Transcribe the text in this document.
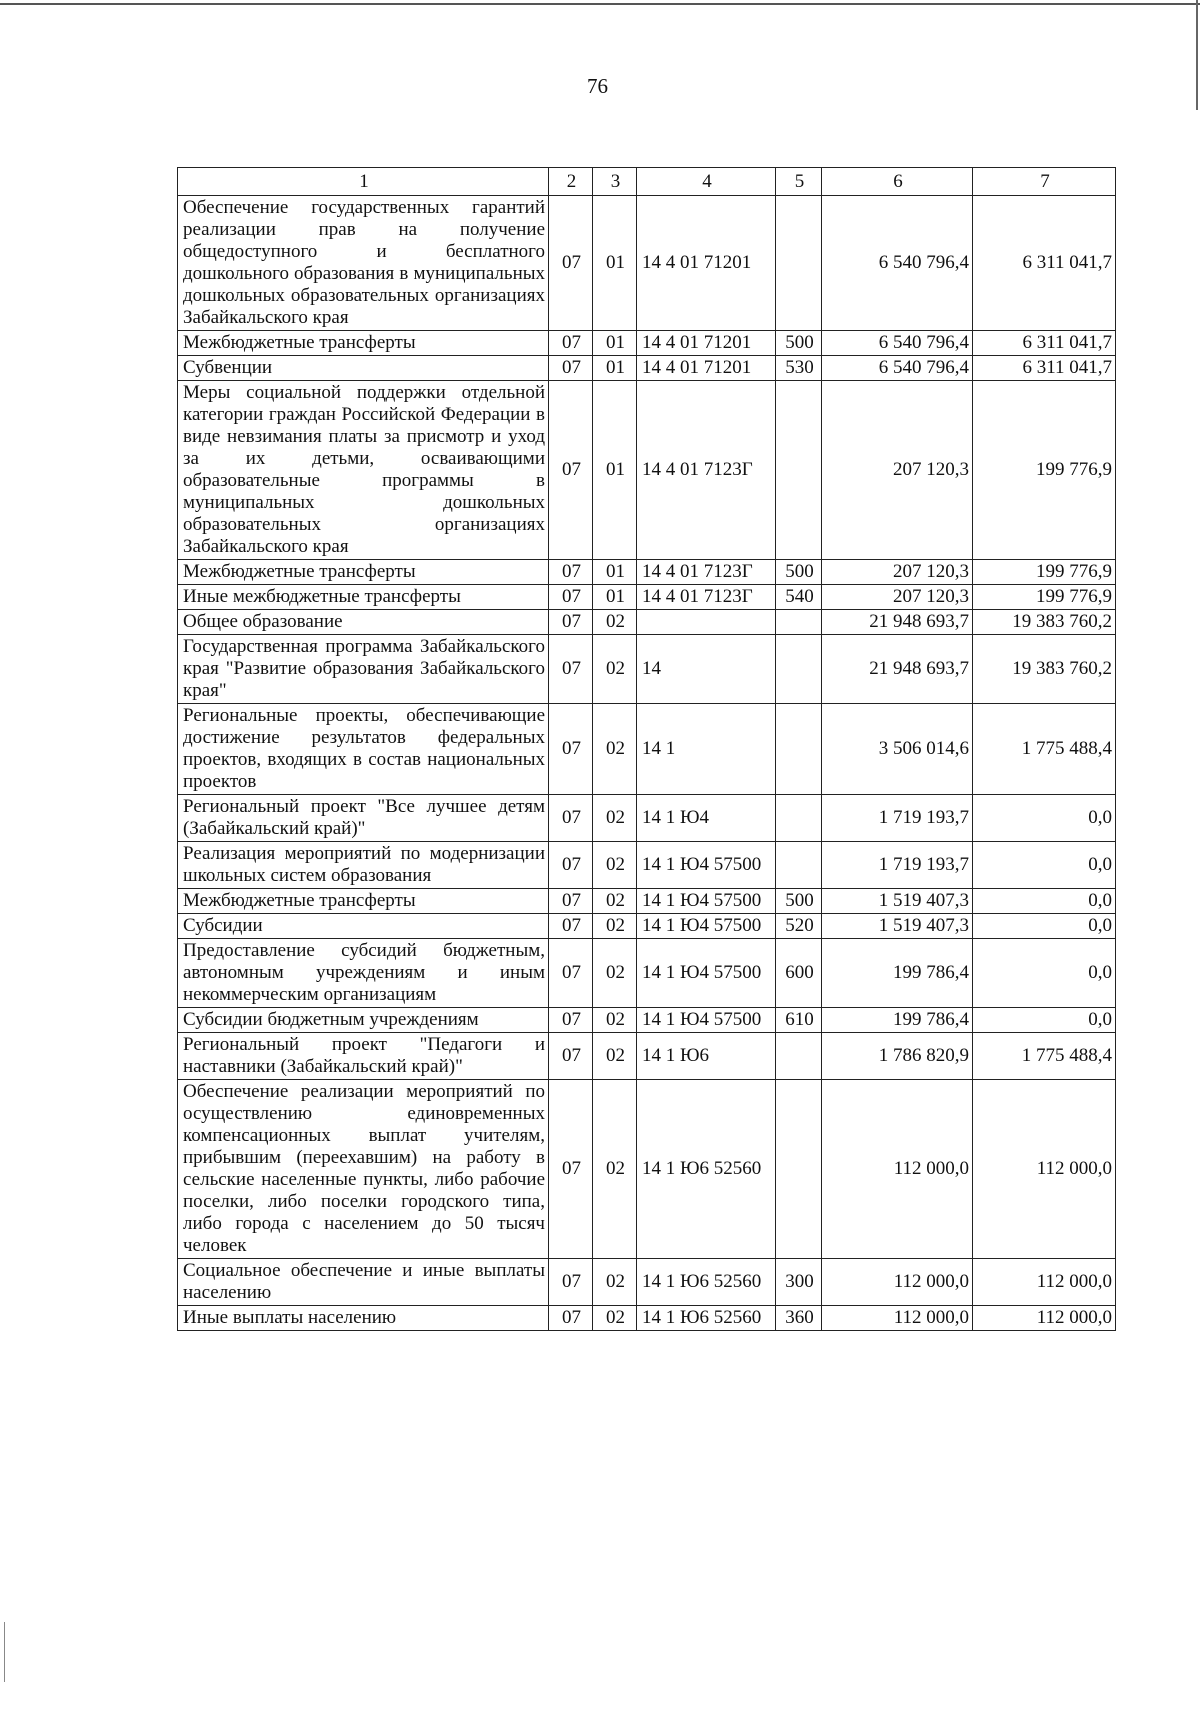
76
1	2	3	4	5	6	7
Обеспечение государственных гарантий реализации прав на получение общедоступного и бесплатного дошкольного образования в муниципальных дошкольных образовательных организациях Забайкальского края	07	01	14 4 01 71201		6 540 796,4	6 311 041,7
Межбюджетные трансферты	07	01	14 4 01 71201	500	6 540 796,4	6 311 041,7
Субвенции	07	01	14 4 01 71201	530	6 540 796,4	6 311 041,7
Меры социальной поддержки отдельной категории граждан Российской Федерации в виде невзимания платы за присмотр и уход за их детьми, осваивающими образовательные программы в муниципальных дошкольных образовательных организациях Забайкальского края	07	01	14 4 01 7123Г		207 120,3	199 776,9
Межбюджетные трансферты	07	01	14 4 01 7123Г	500	207 120,3	199 776,9
Иные межбюджетные трансферты	07	01	14 4 01 7123Г	540	207 120,3	199 776,9
Общее образование	07	02			21 948 693,7	19 383 760,2
Государственная программа Забайкальского края "Развитие образования Забайкальского края"	07	02	14		21 948 693,7	19 383 760,2
Региональные проекты, обеспечивающие достижение результатов федеральных проектов, входящих в состав национальных проектов	07	02	14 1		3 506 014,6	1 775 488,4
Региональный проект "Все лучшее детям (Забайкальский край)"	07	02	14 1 Ю4		1 719 193,7	0,0
Реализация мероприятий по модернизации школьных систем образования	07	02	14 1 Ю4 57500		1 719 193,7	0,0
Межбюджетные трансферты	07	02	14 1 Ю4 57500	500	1 519 407,3	0,0
Субсидии	07	02	14 1 Ю4 57500	520	1 519 407,3	0,0
Предоставление субсидий бюджетным, автономным учреждениям и иным некоммерческим организациям	07	02	14 1 Ю4 57500	600	199 786,4	0,0
Субсидии бюджетным учреждениям	07	02	14 1 Ю4 57500	610	199 786,4	0,0
Региональный проект "Педагоги и наставники (Забайкальский край)"	07	02	14 1 Ю6		1 786 820,9	1 775 488,4
Обеспечение реализации мероприятий по осуществлению единовременных компенсационных выплат учителям, прибывшим (переехавшим) на работу в сельские населенные пункты, либо рабочие поселки, либо поселки городского типа, либо города с населением до 50 тысяч человек	07	02	14 1 Ю6 52560		112 000,0	112 000,0
Социальное обеспечение и иные выплаты населению	07	02	14 1 Ю6 52560	300	112 000,0	112 000,0
Иные выплаты населению	07	02	14 1 Ю6 52560	360	112 000,0	112 000,0
